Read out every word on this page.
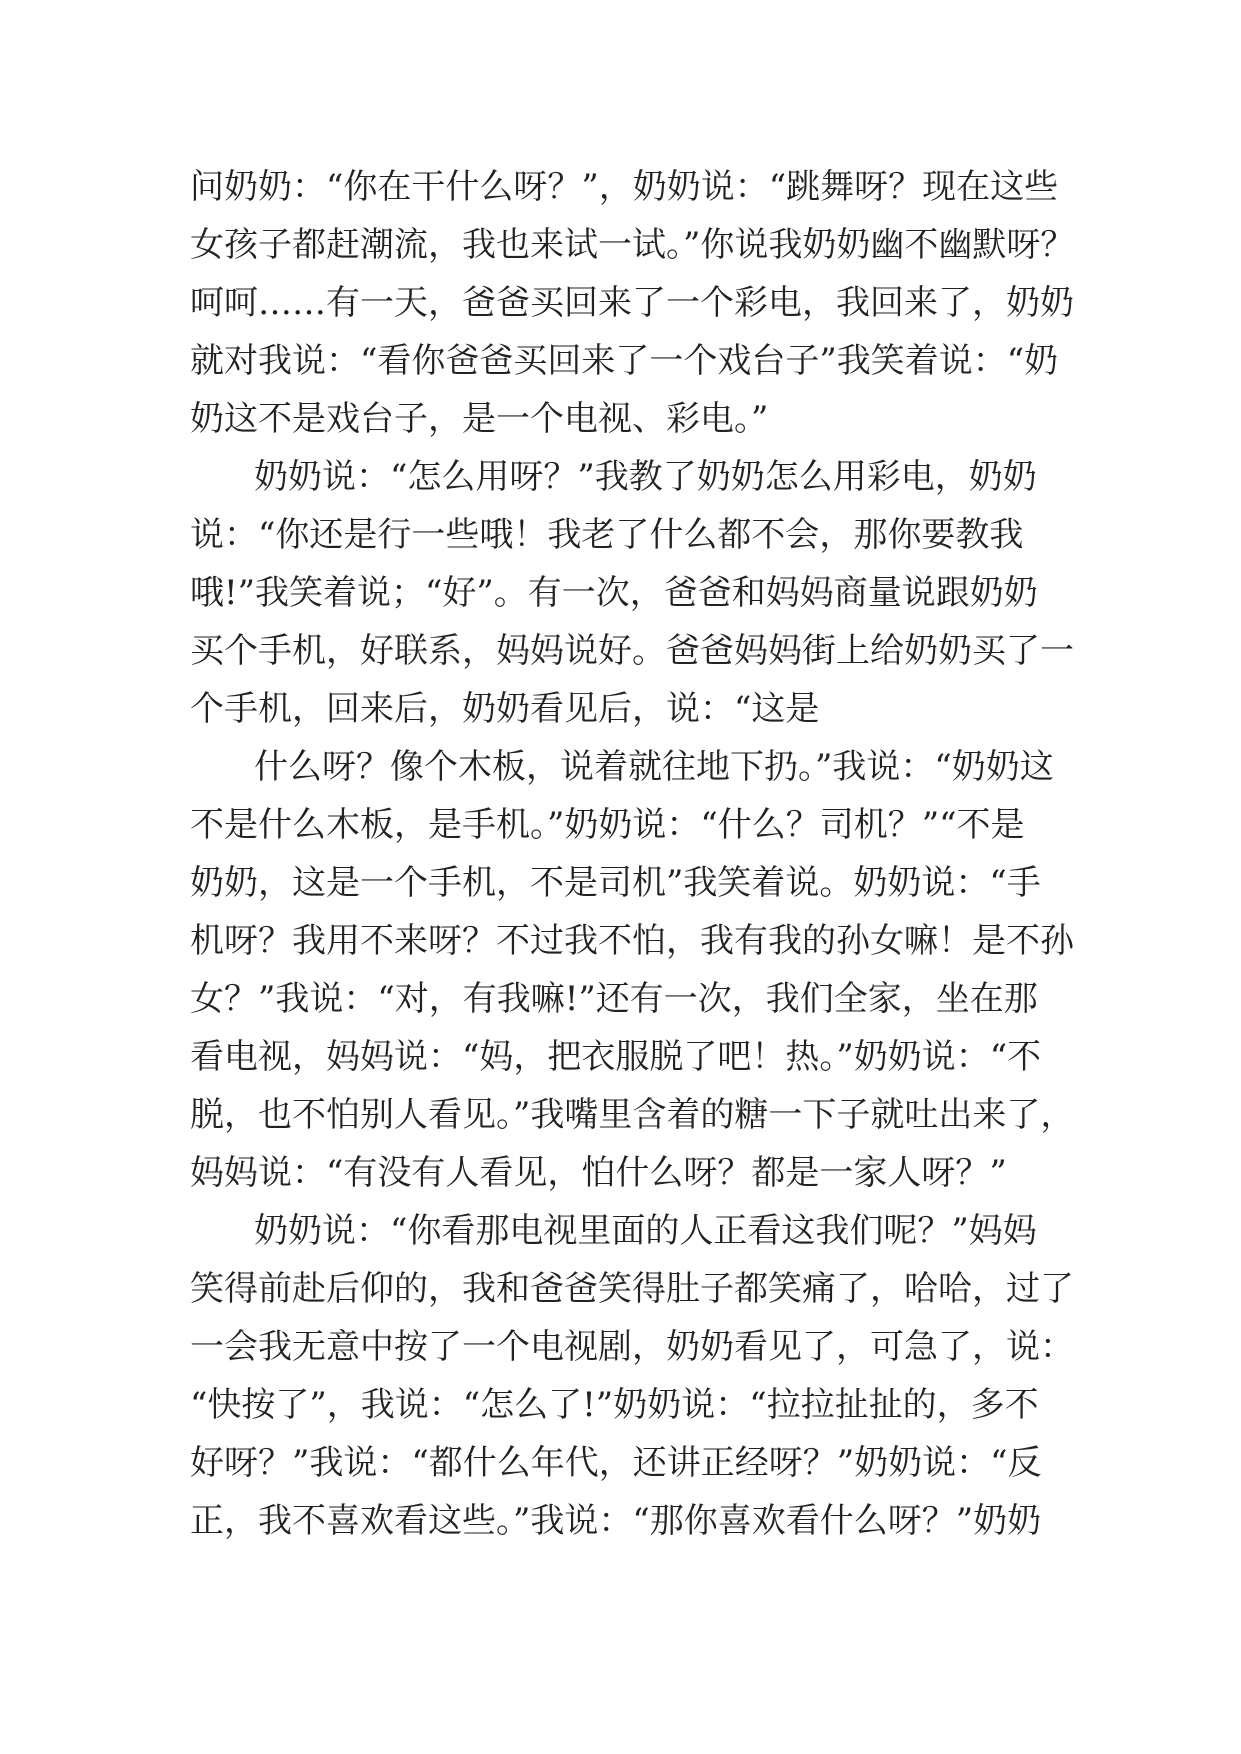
问奶奶：“你在干什么呀？”，奶奶说：“跳舞呀？现在这些
女孩子都赶潮流，我也来试一试。”你说我奶奶幽不幽默呀？
呵呵……有一天，爸爸买回来了一个彩电，我回来了，奶奶
就对我说：“看你爸爸买回来了一个戏台子”我笑着说：“奶
奶这不是戏台子，是一个电视、彩电。”
奶奶说：“怎么用呀？”我教了奶奶怎么用彩电，奶奶
说：“你还是行一些哦！我老了什么都不会，那你要教我
哦!”我笑着说；“好”。有一次，爸爸和妈妈商量说跟奶奶
买个手机，好联系，妈妈说好。爸爸妈妈街上给奶奶买了一
个手机，回来后，奶奶看见后，说：“这是
什么呀？像个木板，说着就往地下扔。”我说：“奶奶这
不是什么木板，是手机。”奶奶说：“什么？司机？”“不是
奶奶，这是一个手机，不是司机”我笑着说。奶奶说：“手
机呀？我用不来呀？不过我不怕，我有我的孙女嘛！是不孙
女？”我说：“对，有我嘛!”还有一次，我们全家，坐在那
看电视，妈妈说：“妈，把衣服脱了吧！热。”奶奶说：“不
脱，也不怕别人看见。”我嘴里含着的糖一下子就吐出来了，
妈妈说：“有没有人看见，怕什么呀？都是一家人呀？”
奶奶说：“你看那电视里面的人正看这我们呢？”妈妈
笑得前赴后仰的，我和爸爸笑得肚子都笑痛了，哈哈，过了
一会我无意中按了一个电视剧，奶奶看见了，可急了，说：
“快按了”，我说：“怎么了!”奶奶说：“拉拉扯扯的，多不
好呀？”我说：“都什么年代，还讲正经呀？”奶奶说：“反
正，我不喜欢看这些。”我说：“那你喜欢看什么呀？”奶奶
